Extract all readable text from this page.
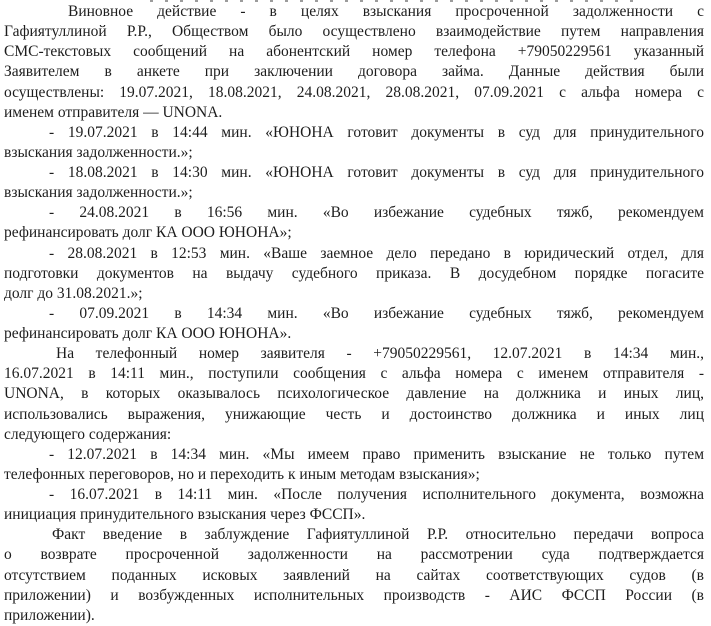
Виновное действие - в целях взыскания просроченной задолженности с
Гафиятуллиной Р.Р., Обществом было осуществлено взаимодействие путем направления
СМС-текстовых сообщений на абонентский номер телефона +79050229561 указанный
Заявителем в анкете при заключении договора займа. Данные действия были
осуществлены: 19.07.2021, 18.08.2021, 24.08.2021, 28.08.2021, 07.09.2021 с альфа номера с
именем отправителя — UNONA.
- 19.07.2021 в 14:44 мин. «ЮНОНА готовит документы в суд для принудительного
взыскания задолженности.»;
- 18.08.2021 в 14:30 мин. «ЮНОНА готовит документы в суд для принудительного
взыскания задолженности.»;
- 24.08.2021 в 16:56 мин. «Во избежание судебных тяжб, рекомендуем
рефинансировать долг КА ООО ЮНОНА»;
- 28.08.2021 в 12:53 мин. «Ваше заемное дело передано в юридический отдел, для
подготовки документов на выдачу судебного приказа. В досудебном порядке погасите
долг до 31.08.2021.»;
- 07.09.2021 в 14:34 мин. «Во избежание судебных тяжб, рекомендуем
рефинансировать долг КА ООО ЮНОНА».
На телефонный номер заявителя - +79050229561, 12.07.2021 в 14:34 мин.,
16.07.2021 в 14:11 мин., поступили сообщения с альфа номера с именем отправителя -
UNONA, в которых оказывалось психологическое давление на должника и иных лиц,
использовались выражения, унижающие честь и достоинство должника и иных лиц
следующего содержания:
- 12.07.2021 в 14:34 мин. «Мы имеем право применить взыскание не только путем
телефонных переговоров, но и переходить к иным методам взыскания»;
- 16.07.2021 в 14:11 мин. «После получения исполнительного документа, возможна
инициация принудительного взыскания через ФССП».
Факт введение в заблуждение Гафиятуллиной Р.Р. относительно передачи вопроса
о возврате просроченной задолженности на рассмотрении суда подтверждается
отсутствием поданных исковых заявлений на сайтах соответствующих судов (в
приложении) и возбужденных исполнительных производств - АИС ФССП России (в
приложении).
